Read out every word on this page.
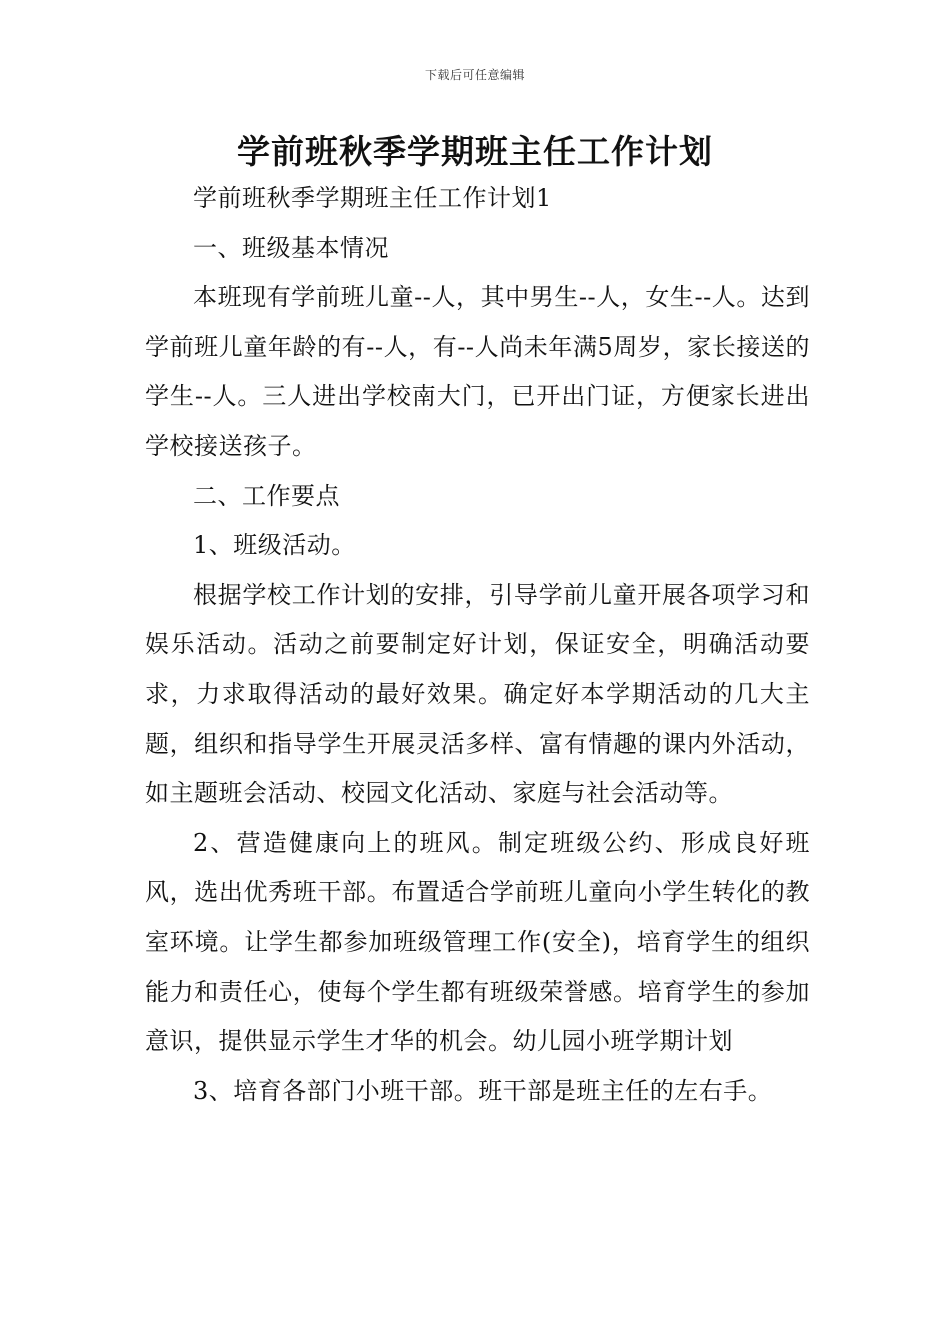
下载后可任意编辑
学前班秋季学期班主任工作计划

学前班秋季学期班主任工作计划1

一、班级基本情况

本班现有学前班儿童--人，其中男生--人，女生--人。达到学前班儿童年龄的有--人，有--人尚未年满5周岁，家长接送的学生--人。三人进出学校南大门，已开出门证，方便家长进出学校接送孩子。

二、工作要点

1、班级活动。

根据学校工作计划的安排，引导学前儿童开展各项学习和娱乐活动。活动之前要制定好计划，保证安全，明确活动要求，力求取得活动的最好效果。确定好本学期活动的几大主题，组织和指导学生开展灵活多样、富有情趣的课内外活动，如主题班会活动、校园文化活动、家庭与社会活动等。

2、营造健康向上的班风。制定班级公约、形成良好班风，选出优秀班干部。布置适合学前班儿童向小学生转化的教室环境。让学生都参加班级管理工作(安全)，培育学生的组织能力和责任心，使每个学生都有班级荣誉感。培育学生的参加意识，提供显示学生才华的机会。幼儿园小班学期计划

3、培育各部门小班干部。班干部是班主任的左右手。
